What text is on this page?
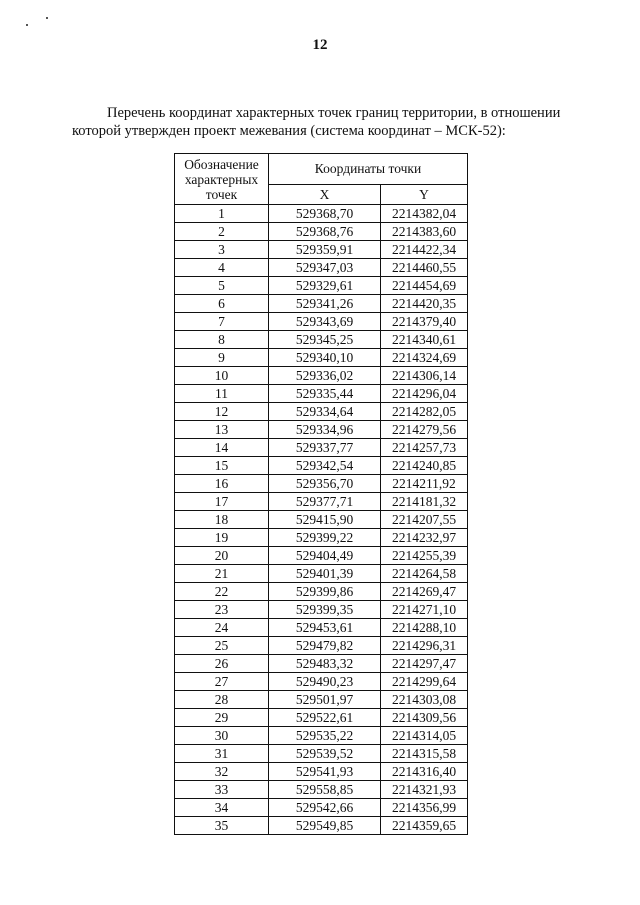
12
Перечень координат характерных точек границ территории, в отношении которой утвержден проект межевания (система координат – МСК-52):
Обозначение характерных точек	Координаты точки	
	X	Y
1	529368,70	2214382,04
2	529368,76	2214383,60
3	529359,91	2214422,34
4	529347,03	2214460,55
5	529329,61	2214454,69
6	529341,26	2214420,35
7	529343,69	2214379,40
8	529345,25	2214340,61
9	529340,10	2214324,69
10	529336,02	2214306,14
11	529335,44	2214296,04
12	529334,64	2214282,05
13	529334,96	2214279,56
14	529337,77	2214257,73
15	529342,54	2214240,85
16	529356,70	2214211,92
17	529377,71	2214181,32
18	529415,90	2214207,55
19	529399,22	2214232,97
20	529404,49	2214255,39
21	529401,39	2214264,58
22	529399,86	2214269,47
23	529399,35	2214271,10
24	529453,61	2214288,10
25	529479,82	2214296,31
26	529483,32	2214297,47
27	529490,23	2214299,64
28	529501,97	2214303,08
29	529522,61	2214309,56
30	529535,22	2214314,05
31	529539,52	2214315,58
32	529541,93	2214316,40
33	529558,85	2214321,93
34	529542,66	2214356,99
35	529549,85	2214359,65
